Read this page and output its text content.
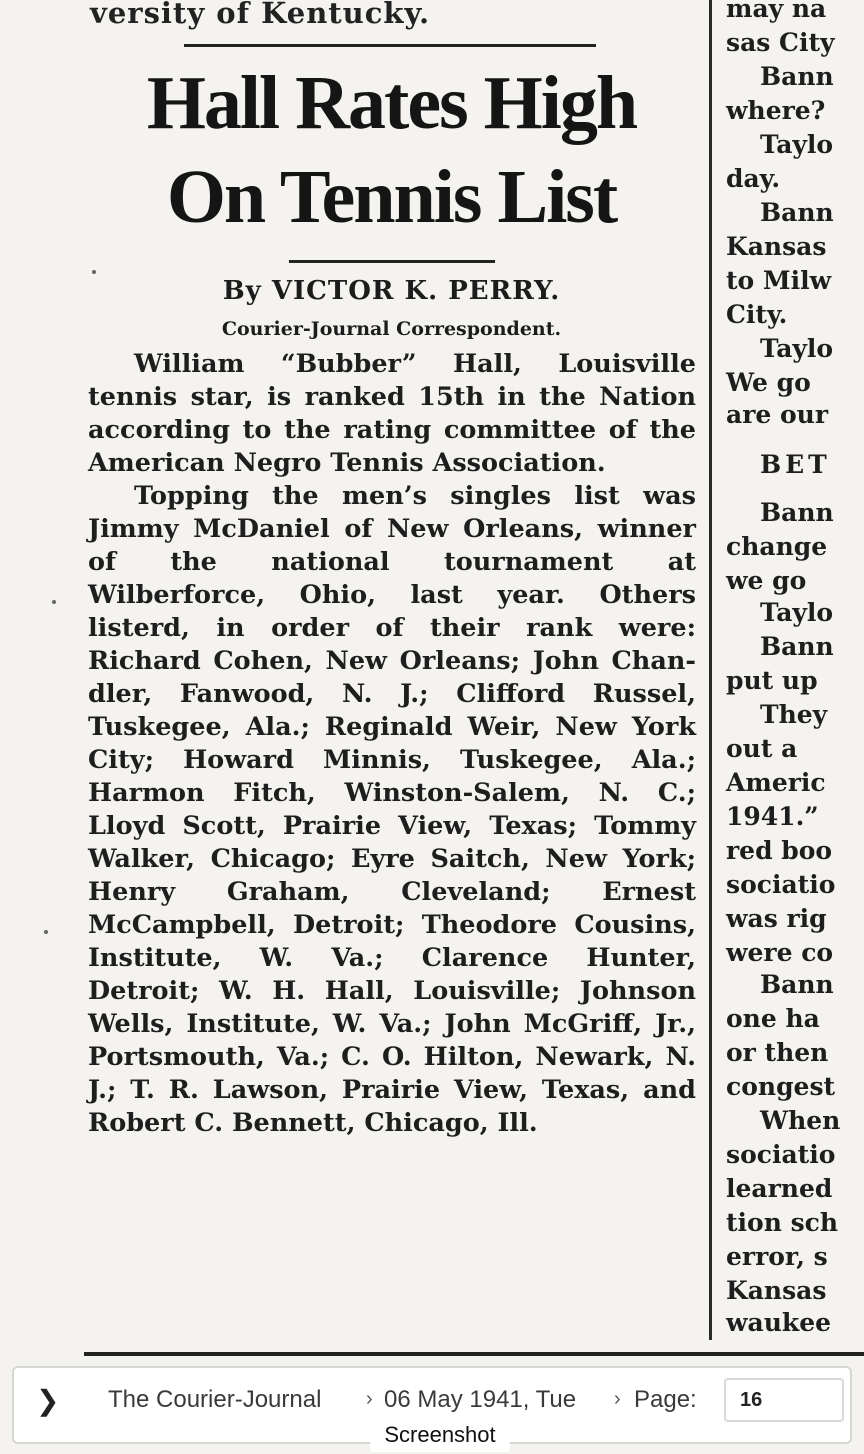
versity of Kentucky.
Hall Rates High
On Tennis List
By VICTOR K. PERRY.
Courier-Journal Correspondent.

William “Bubber” Hall, Louisville tennis star, is ranked 15th in the Nation according to the rating committee of the American Negro Tennis Association.

Topping the men’s singles list was Jimmy McDaniel of New Orleans, winner of the national tournament at Wilberforce, Ohio, last year. Others listerd, in order of their rank were: Richard Cohen, New Orleans; John Chandler, Fanwood, N. J.; Clifford Russel, Tuskegee, Ala.; Reginald Weir, New York City; Howard Minnis, Tuskegee, Ala.; Harmon Fitch, Winston-Salem, N. C.; Lloyd Scott, Prairie View, Texas; Tommy Walker, Chicago; Eyre Saitch, New York; Henry Graham, Cleveland; Ernest McCampbell, Detroit; Theodore Cousins, Institute, W. Va.; Clarence Hunter, Detroit; W. H. Hall, Louisville; Johnson Wells, Institute, W. Va.; John McGriff, Jr., Portsmouth, Va.; C. O. Hilton, Newark, N. J.; T. R. Lawson, Prairie View, Texas, and Robert C. Bennett, Chicago, Ill.

may na
sas City
Bann
where?
Taylo
day.
Bann
Kansas
to Milw
City.
Taylo
We go
are our
BET
Bann
change
we go
Taylo
Bann
put up
They
out a
Americ
1941.”
red boo
sociatio
was rig
were co
Bann
one ha
or then
congest
When
sociatio
learned
tion sch
error, s
Kansas
waukee
❯ The Courier-Journal › 06 May 1941, Tue › Page:
16
Screenshot
